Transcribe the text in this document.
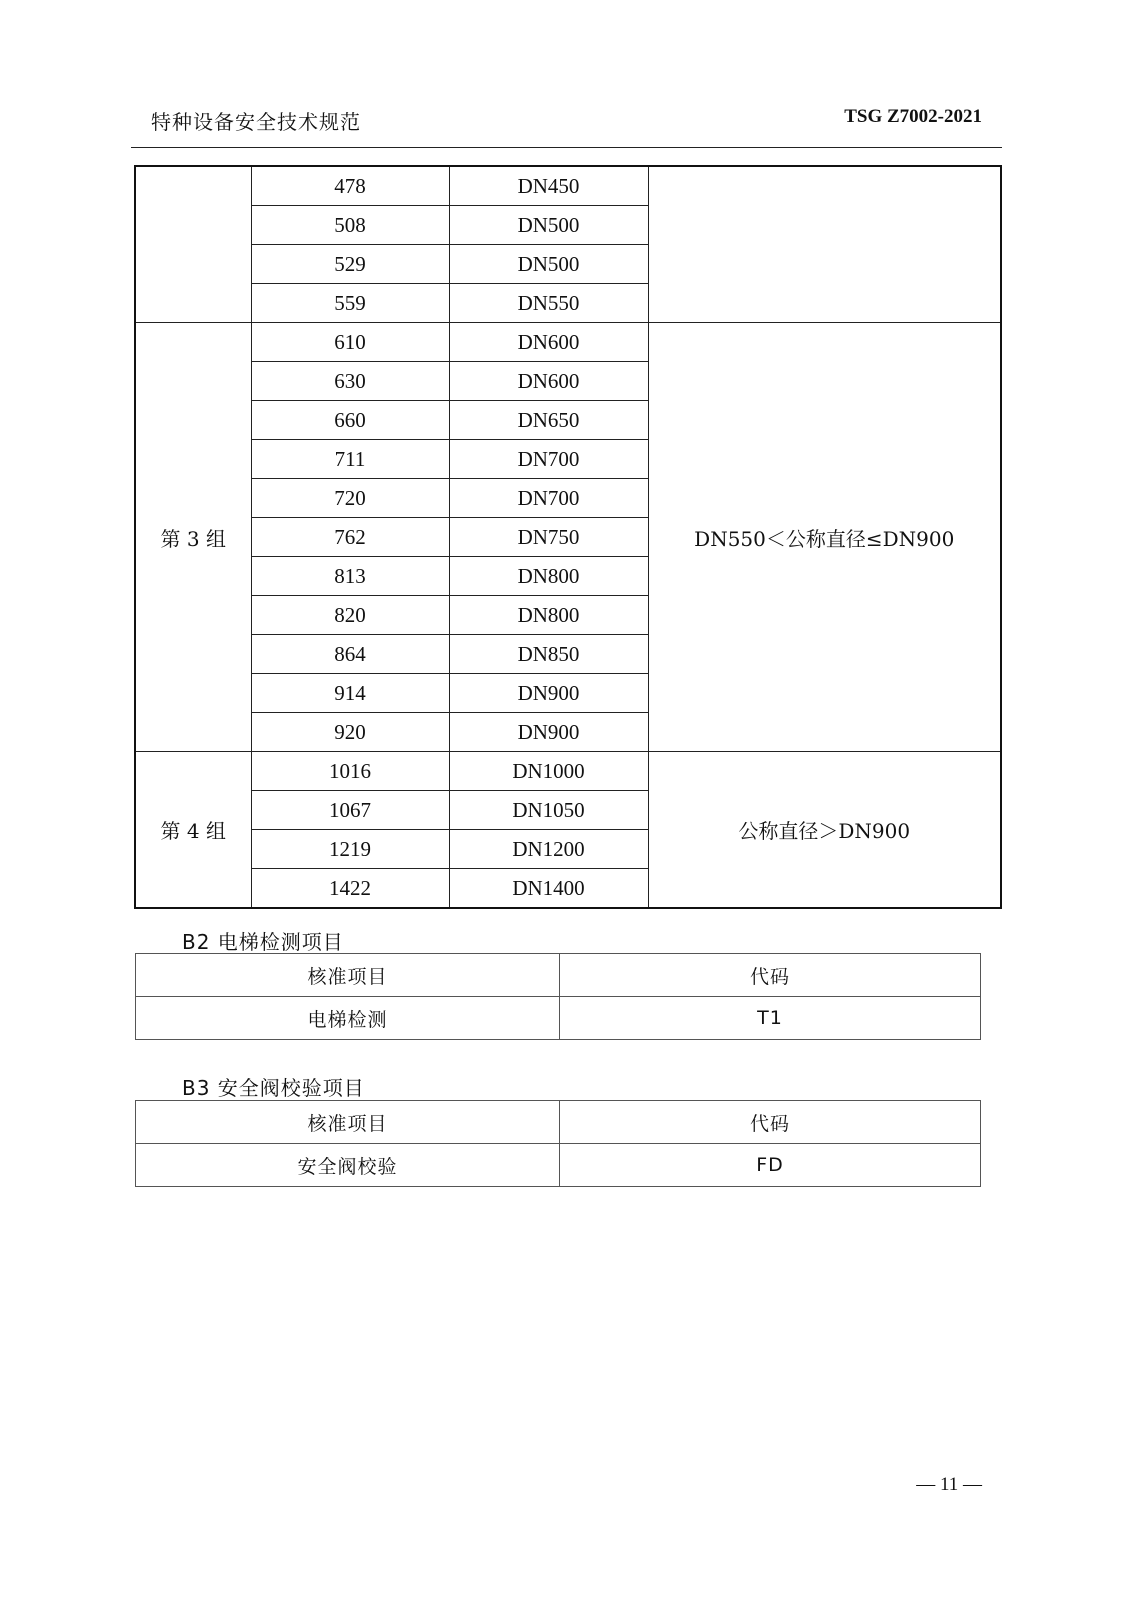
特种设备安全技术规范	TSG Z7002-2021
	478	DN450	
	508	DN500	
	529	DN500	
	559	DN550	
第 3 组	610	DN600	DN550＜公称直径≤DN900
	630	DN600	
	660	DN650	
	711	DN700	
	720	DN700	
	762	DN750	
	813	DN800	
	820	DN800	
	864	DN850	
	914	DN900	
	920	DN900	
第 4 组	1016	DN1000	公称直径＞DN900
	1067	DN1050	
	1219	DN1200	
	1422	DN1400	
B2 电梯检测项目
核准项目	代码
电梯检测	T1
B3 安全阀校验项目
核准项目	代码
安全阀校验	FD
— 11 —
